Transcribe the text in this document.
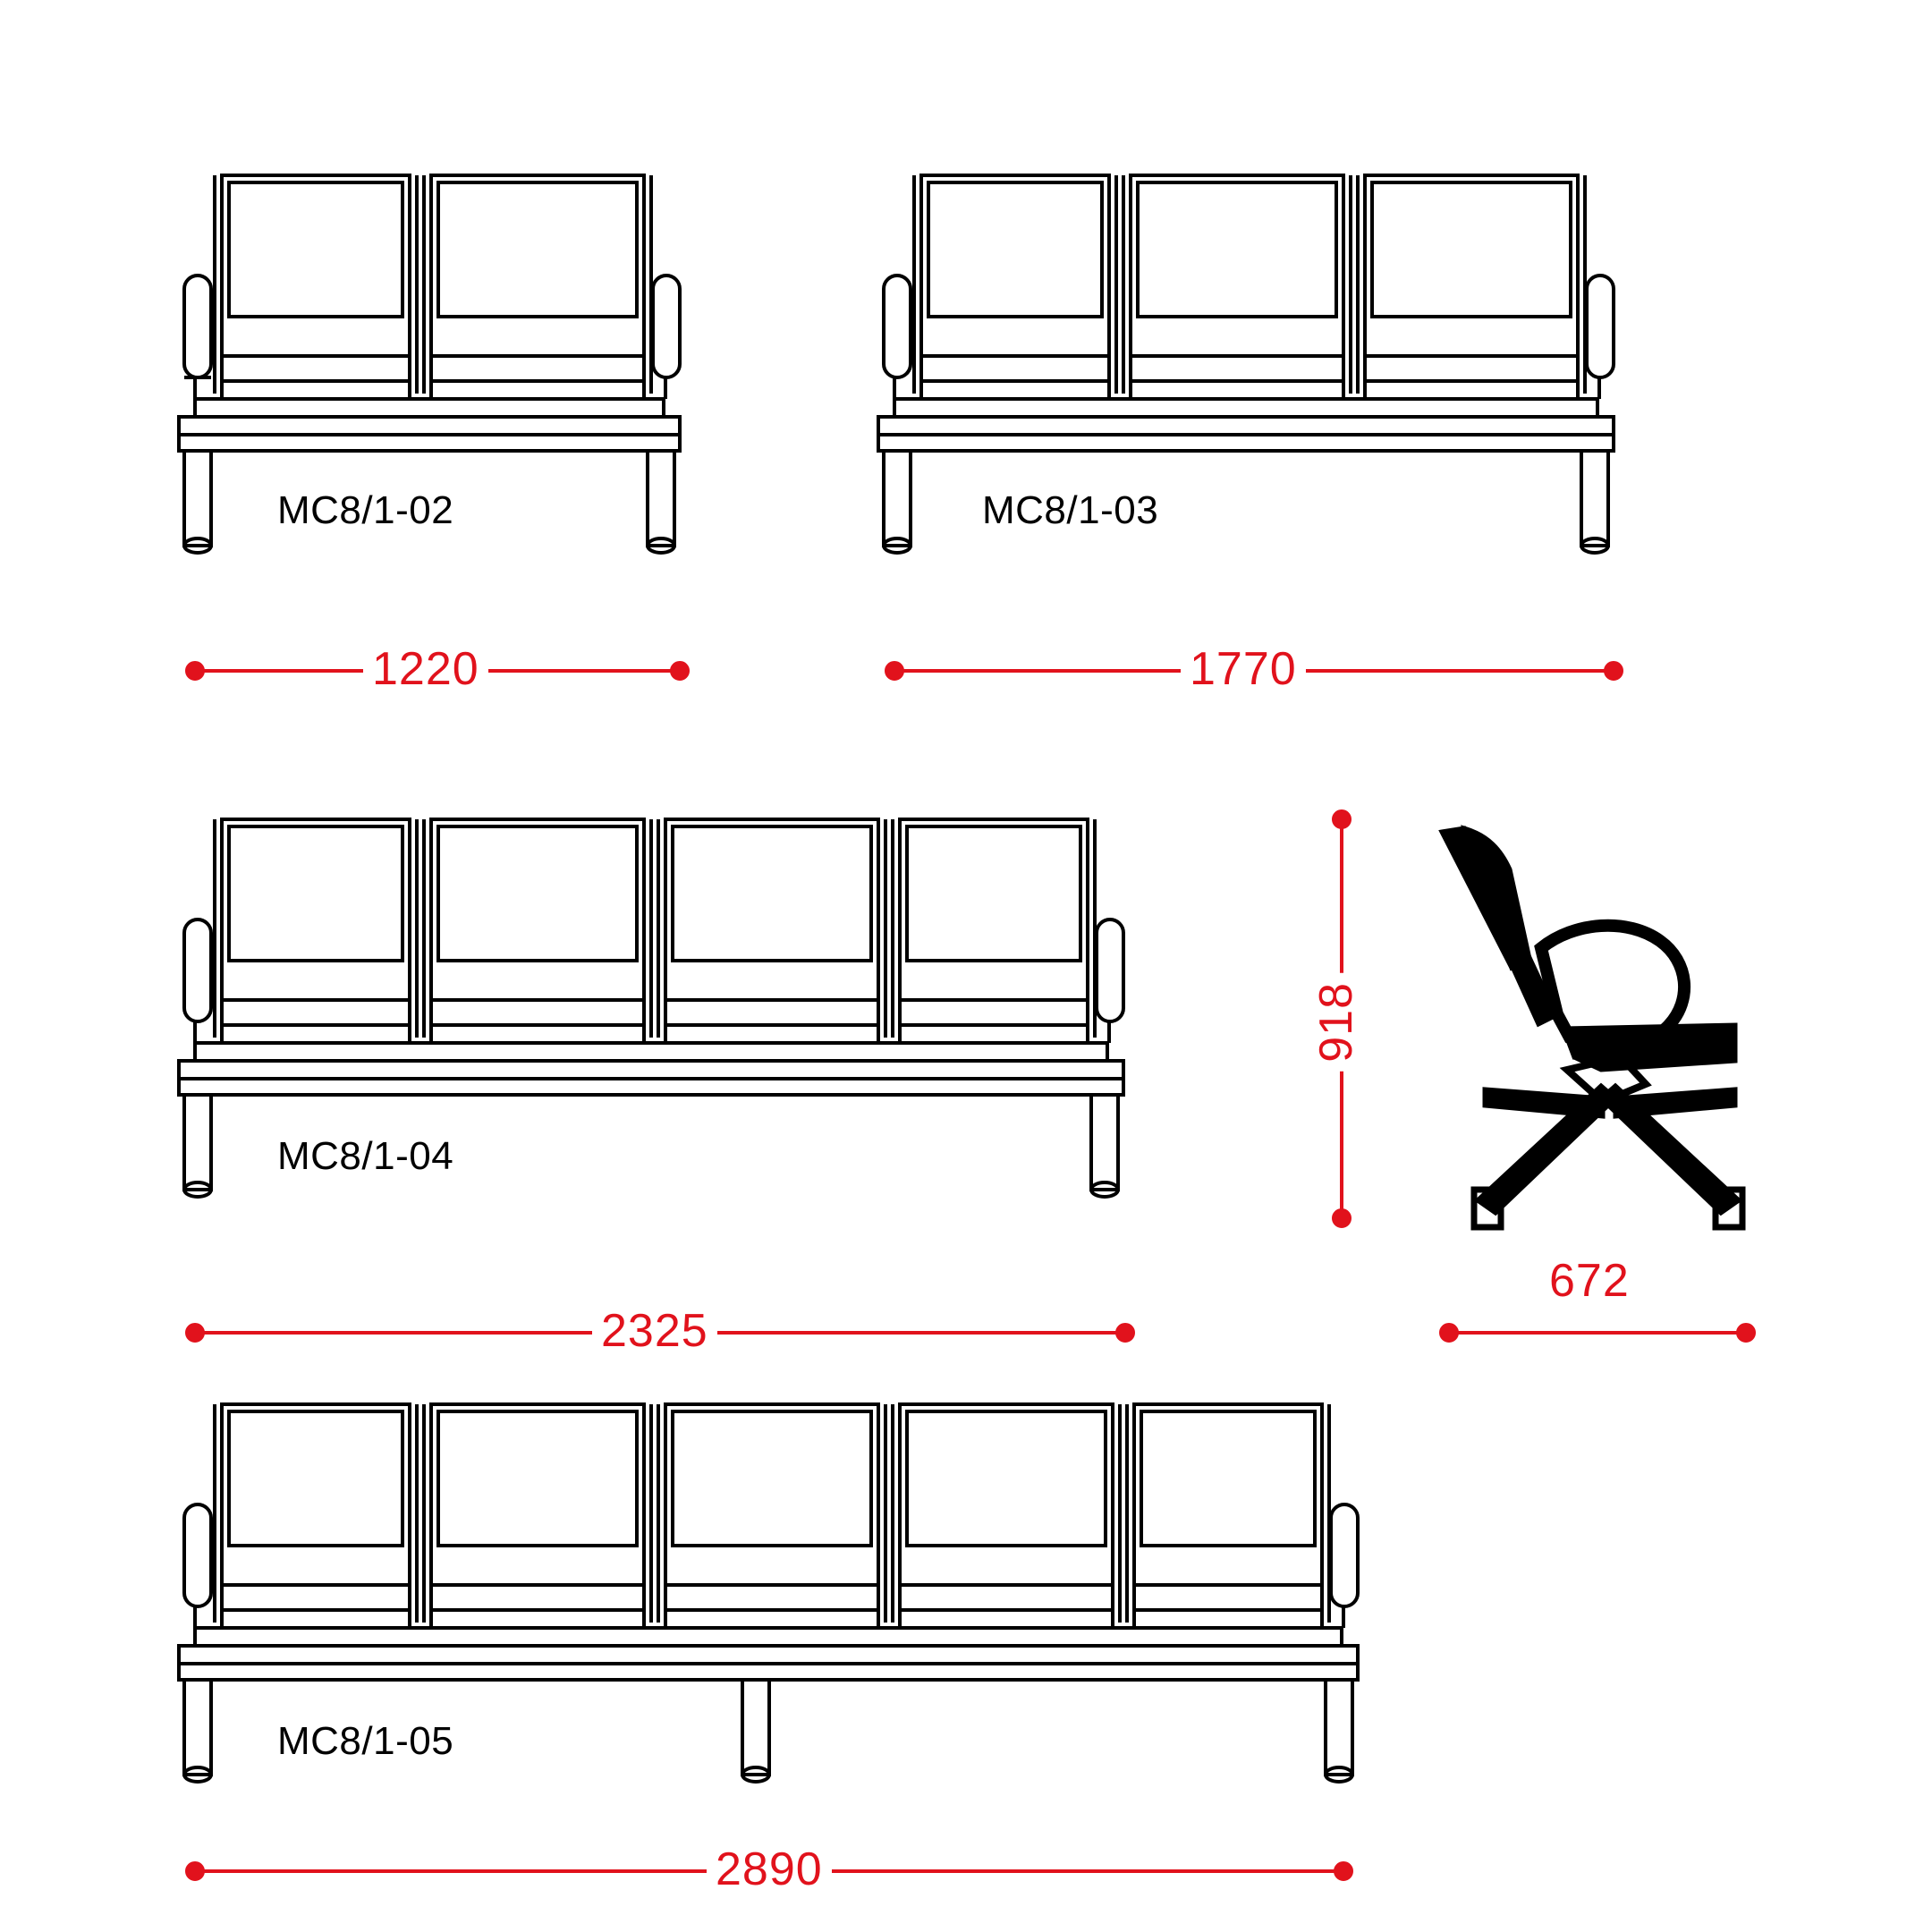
MC8/1-02	MC8/1-03
MC8/1-04
MC8/1-05
1220	1770
2325
2890
918
672
